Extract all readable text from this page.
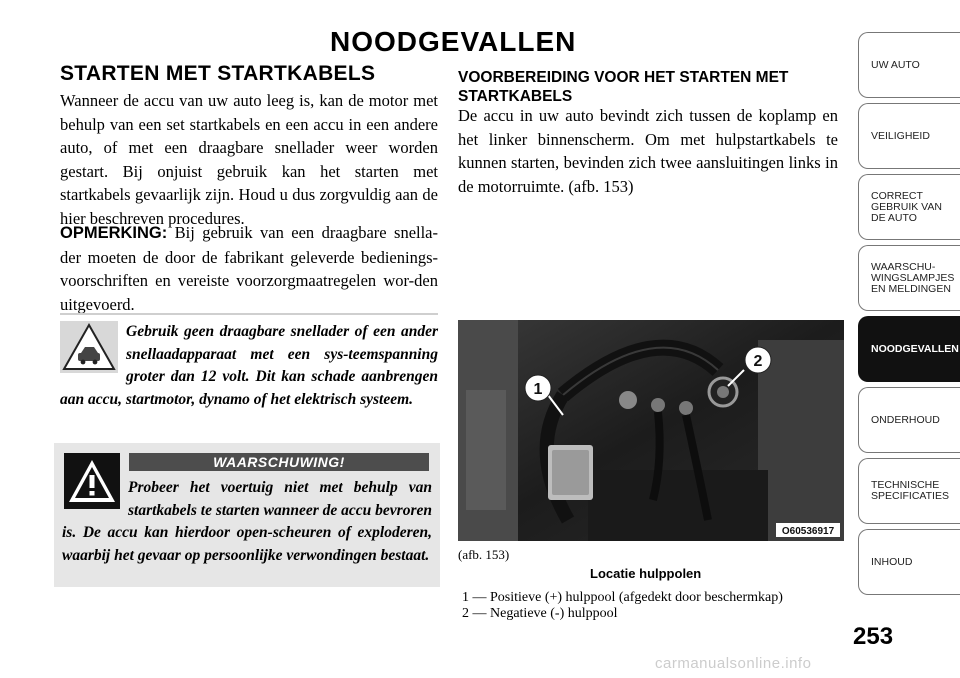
NOODGEVALLEN
STARTEN MET STARTKABELS

Wanneer de accu van uw auto leeg is, kan de motor met behulp van een set startkabels en een accu in een andere auto, of met een draagbare snellader weer worden gestart. Bij onjuist gebruik kan het starten met startkabels gevaarlijk zijn. Houd u dus zorgvuldig aan de hier beschreven procedures.

OPMERKING: Bij gebruik van een draagbare snella-der moeten de door de fabrikant geleverde bedienings-voorschriften en vereiste voorzorgmaatregelen wor-den uitgevoerd.

Gebruik geen draagbare snellader of een ander snellaadapparaat met een sys-teemspanning groter dan 12 volt. Dit kan schade aanbrengen aan accu, startmotor, dynamo of het elektrisch systeem.

WAARSCHUWING!

Probeer het voertuig niet met behulp van startkabels te starten wanneer de accu bevroren is. De accu kan hierdoor open-scheuren of exploderen, waarbij het gevaar op persoonlijke verwondingen bestaat.

VOORBEREIDING VOOR HET STARTEN MET STARTKABELS

De accu in uw auto bevindt zich tussen de koplamp en het linker binnenscherm. Om met hulpstartkabels te kunnen starten, bevinden zich twee aansluitingen links in de motorruimte. (afb. 153)

2
1
O60536917
(afb. 153)
Locatie hulppolen
1 — Positieve (+) hulppool (afgedekt door beschermkap)
2 — Negatieve (-) hulppool
UW AUTO
VEILIGHEID
CORRECT
GEBRUIK VAN
DE AUTO
WAARSCHU-
WINGSLAMPJES
EN MELDINGEN
NOODGEVALLEN
ONDERHOUD
TECHNISCHE
SPECIFICATIES
INHOUD
253
carmanualsonline.info
